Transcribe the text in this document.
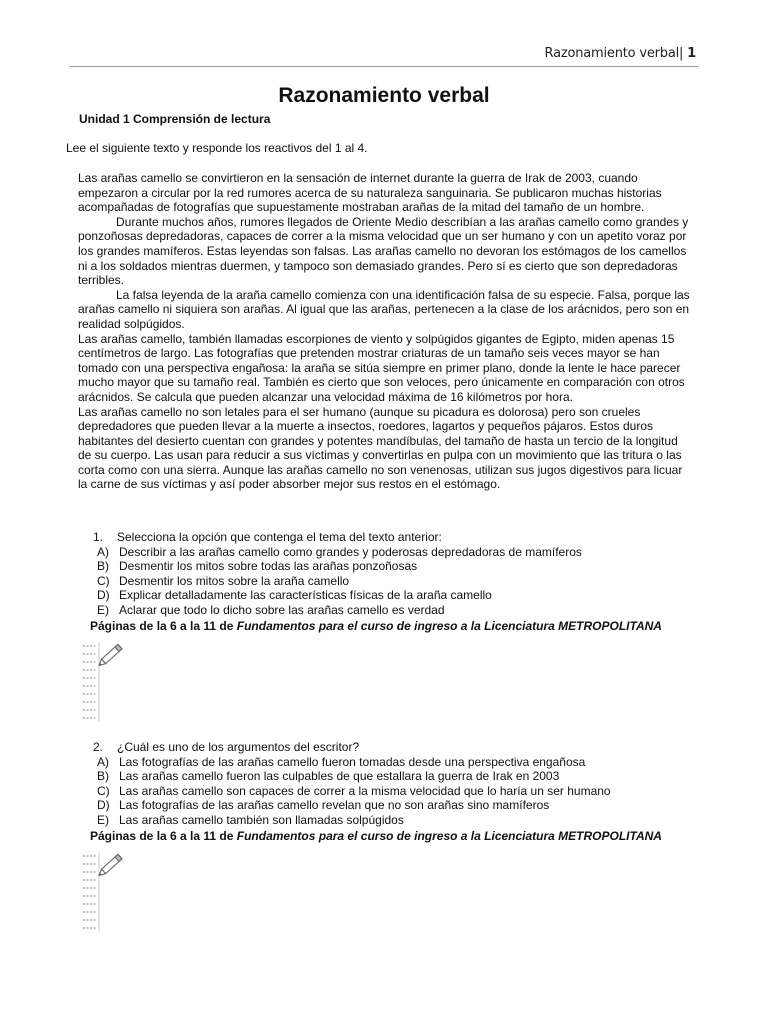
Razonamiento verbal| 1
Razonamiento verbal
Unidad 1 Comprensión de lectura
Lee el siguiente texto y responde los reactivos del 1 al 4.

Las arañas camello se convirtieron en la sensación de internet durante la guerra de Irak de 2003, cuando empezaron a circular por la red rumores acerca de su naturaleza sanguinaria. Se publicaron muchas historias acompañadas de fotografías que supuestamente mostraban arañas de la mitad del tamaño de un hombre.

Durante muchos años, rumores llegados de Oriente Medio describían a las arañas camello como grandes y ponzoñosas depredadoras, capaces de correr a la misma velocidad que un ser humano y con un apetito voraz por los grandes mamíferos. Estas leyendas son falsas. Las arañas camello no devoran los estómagos de los camellos ni a los soldados mientras duermen, y tampoco son demasiado grandes. Pero sí es cierto que son depredadoras terribles.

La falsa leyenda de la araña camello comienza con una identificación falsa de su especie. Falsa, porque las arañas camello ni siquiera son arañas. Al igual que las arañas, pertenecen a la clase de los arácnidos, pero son en realidad solpúgidos.

Las arañas camello, también llamadas escorpiones de viento y solpúgidos gigantes de Egipto, miden apenas 15 centímetros de largo. Las fotografías que pretenden mostrar criaturas de un tamaño seis veces mayor se han tomado con una perspectiva engañosa: la araña se sitúa siempre en primer plano, donde la lente le hace parecer mucho mayor que su tamaño real. También es cierto que son veloces, pero únicamente en comparación con otros arácnidos. Se calcula que pueden alcanzar una velocidad máxima de 16 kilómetros por hora.

Las arañas camello no son letales para el ser humano (aunque su picadura es dolorosa) pero son crueles depredadores que pueden llevar a la muerte a insectos, roedores, lagartos y pequeños pájaros. Estos duros habitantes del desierto cuentan con grandes y potentes mandíbulas, del tamaño de hasta un tercio de la longitud de su cuerpo. Las usan para reducir a sus víctimas y convertirlas en pulpa con un movimiento que las tritura o las corta como con una sierra. Aunque las arañas camello no son venenosas, utilizan sus jugos digestivos para licuar la carne de sus víctimas y así poder absorber mejor sus restos en el estómago.

1.	Selecciona la opción que contenga el tema del texto anterior:
A) Describir a las arañas camello como grandes y poderosas depredadoras de mamíferos
B) Desmentir los mitos sobre todas las arañas ponzoñosas
C) Desmentir los mitos sobre la araña camello
D) Explicar detalladamente las características físicas de la araña camello
E) Aclarar que todo lo dicho sobre las arañas camello es verdad
Páginas de la 6 a la 11 de Fundamentos para el curso de ingreso a la Licenciatura METROPOLITANA
2.	¿Cuál es uno de los argumentos del escritor?
A) Las fotografías de las arañas camello fueron tomadas desde una perspectiva engañosa
B) Las arañas camello fueron las culpables de que estallara la guerra de Irak en 2003
C) Las arañas camello son capaces de correr a la misma velocidad que lo haría un ser humano
D) Las fotografías de las arañas camello revelan que no son arañas sino mamíferos
E) Las arañas camello también son llamadas solpúgidos
Páginas de la 6 a la 11 de Fundamentos para el curso de ingreso a la Licenciatura METROPOLITANA
